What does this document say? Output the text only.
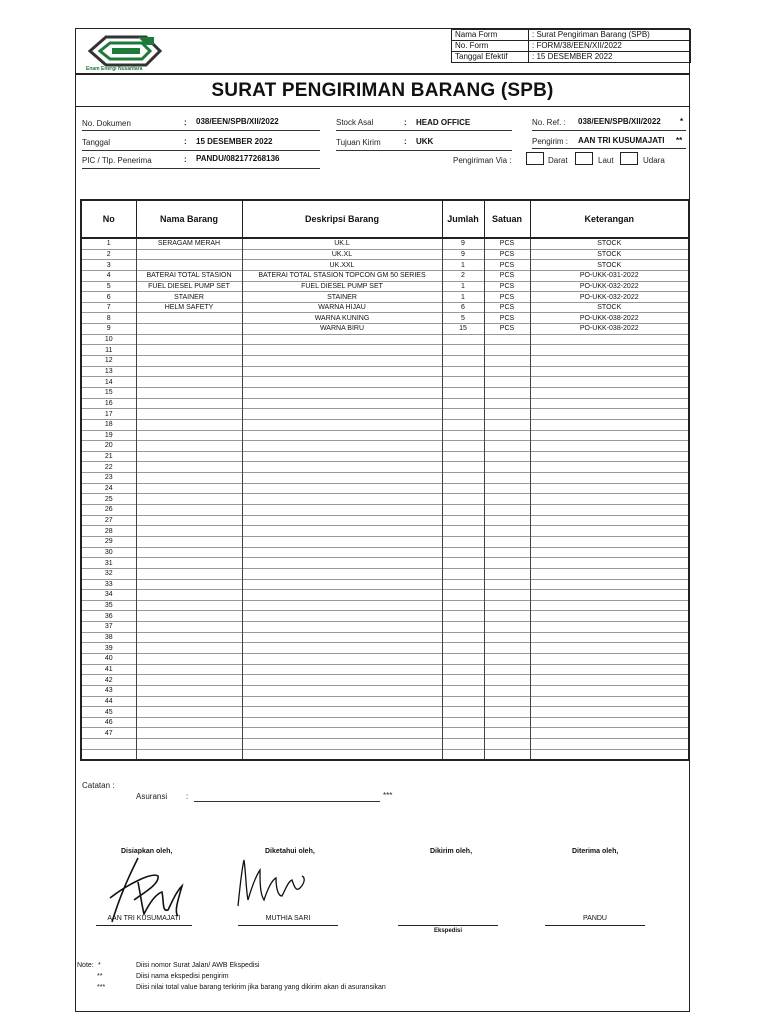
Enam Energi Nusantara
Nama Form	: Surat Pengiriman Barang (SPB)
No. Form	: FORM/38/EEN/XII/2022
Tanggal Efektif	: 15 DESEMBER 2022
SURAT PENGIRIMAN BARANG (SPB)
No. Dokumen	: 038/EEN/SPB/XII/2022
Tanggal	: 15 DESEMBER 2022
PIC / Tlp. Penerima	: PANDU/082177268136
Stock Asal	: HEAD OFFICE
Tujuan Kirim	: UKK
No. Ref. : 038/EEN/SPB/XII/2022 *
Pengirim : AAN TRI KUSUMAJATI **
Pengiriman Via :	Darat	Laut	Udara
No	Nama Barang	Deskripsi Barang	Jumlah	Satuan	Keterangan
1	SERAGAM MERAH	UK.L	9	PCS	STOCK
2		UK.XL	9	PCS	STOCK
3		UK.XXL	1	PCS	STOCK
4	BATERAI TOTAL STASION	BATERAI TOTAL STASION TOPCON GM 50 SERIES	2	PCS	PO-UKK-031-2022
5	FUEL DIESEL PUMP SET	FUEL DIESEL PUMP SET	1	PCS	PO-UKK-032-2022
6	STAINER	STAINER	1	PCS	PO-UKK-032-2022
7	HELM SAFETY	WARNA HIJAU	6	PCS	STOCK
8		WARNA KUNING	5	PCS	PO-UKK-038-2022
9		WARNA BIRU	15	PCS	PO-UKK-038-2022
10					
11					
12					
13					
14					
15					
16					
17					
18					
19					
20					
21					
22					
23					
24					
25					
26					
27					
28					
29					
30					
31					
32					
33					
34					
35					
36					
37					
38					
39					
40					
41					
42					
43					
44					
45					
46					
47					

Catatan :
Asuransi :	***
Disiapkan oleh,	Diketahui oleh,	Dikirim oleh,	Diterima oleh,
AAN TRI KUSUMAJATI	MUTHIA SARI	PANDU
Ekspedisi
Note: *	Diisi nomor Surat Jalan/ AWB Ekspedisi
**	Diisi nama ekspedisi pengirim
***	Diisi nilai total value barang terkirim jika barang yang dikirim akan di asuransikan
